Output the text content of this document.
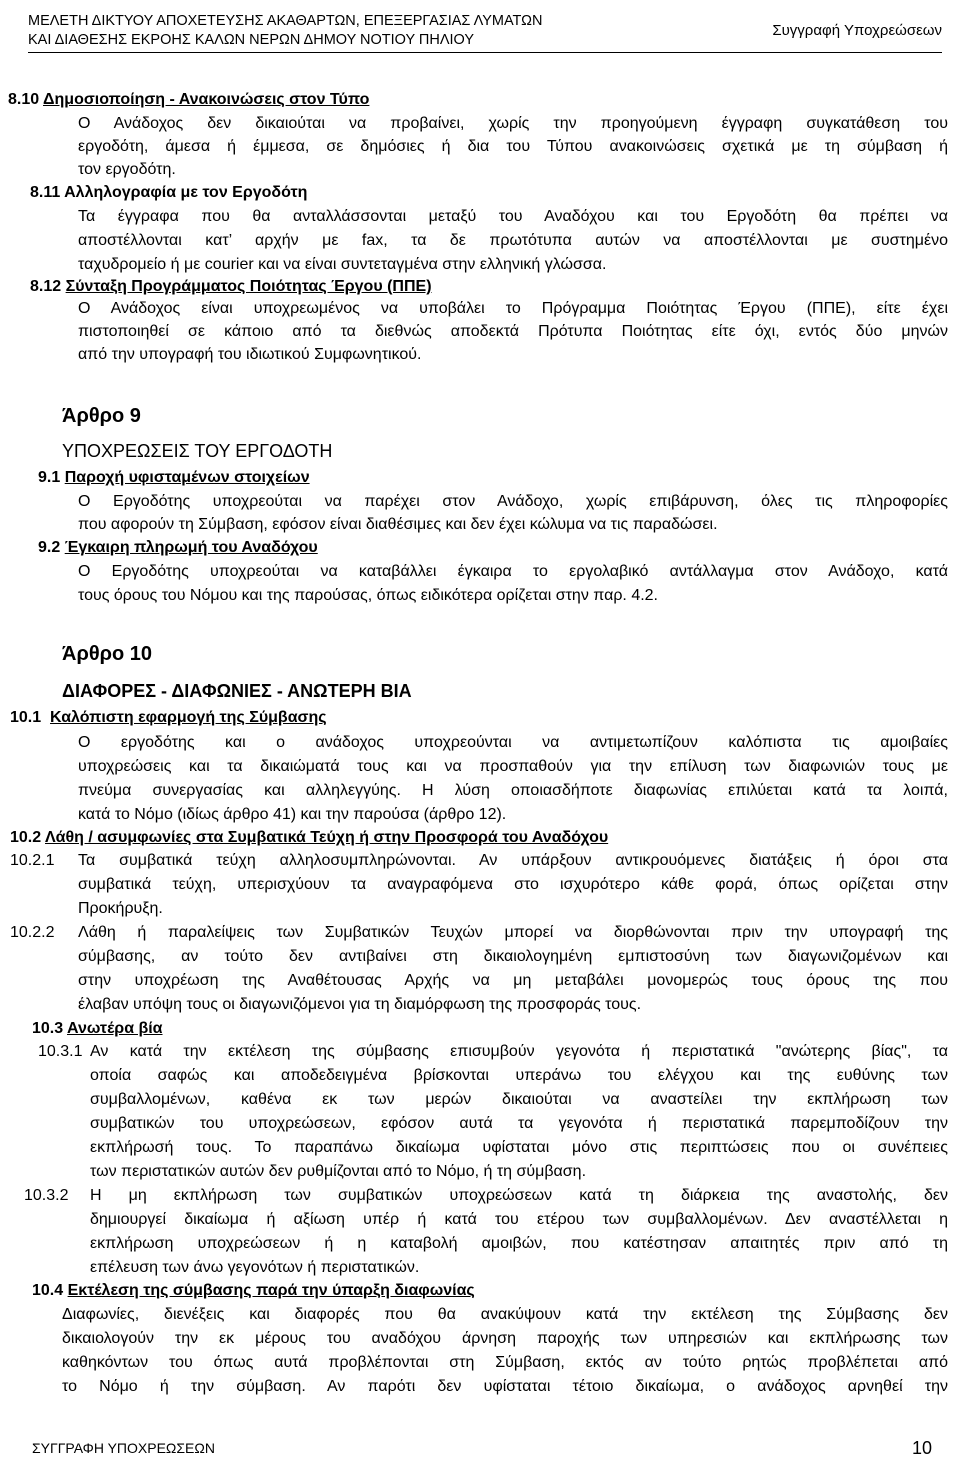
ΜΕΛΕΤΗ ΔΙΚΤΥΟΥ ΑΠΟΧΕΤΕΥΣΗΣ ΑΚΑΘΑΡΤΩΝ, ΕΠΕΞΕΡΓΑΣΙΑΣ ΛΥΜΑΤΩΝ
ΚΑΙ ΔΙΑΘΕΣΗΣ ΕΚΡΟΗΣ ΚΑΛΩΝ ΝΕΡΩΝ ΔΗΜΟΥ ΝΟΤΙΟΥ ΠΗΛΙΟΥ
Συγγραφή Υποχρεώσεων
8.10 Δημοσιοποίηση - Ανακοινώσεις στον Τύπο
Ο Ανάδοχος δεν δικαιούται να προβαίνει, χωρίς την προηγούμενη έγγραφη συγκατάθεση του
εργοδότη, άμεσα ή έμμεσα, σε δημόσιες ή δια του Τύπου ανακοινώσεις σχετικά με τη σύμβαση ή
τον εργοδότη.
8.11 Αλληλογραφία με τον Εργοδότη
Τα έγγραφα που θα ανταλλάσσονται μεταξύ του Αναδόχου και του Εργοδότη θα πρέπει να
αποστέλλονται κατ’ αρχήν με fax, τα δε πρωτότυπα αυτών να αποστέλλονται με συστημένο
ταχυδρομείο ή με courier και να είναι συντεταγμένα στην ελληνική γλώσσα.
8.12 Σύνταξη Προγράμματος Ποιότητας Έργου (ΠΠΕ)
Ο Ανάδοχος είναι υποχρεωμένος να υποβάλει το Πρόγραμμα Ποιότητας Έργου (ΠΠΕ), είτε έχει
πιστοποιηθεί σε κάποιο από τα διεθνώς αποδεκτά Πρότυπα Ποιότητας είτε όχι, εντός δύο μηνών
από την υπογραφή του ιδιωτικού Συμφωνητικού.
Άρθρο 9
ΥΠΟΧΡΕΩΣΕΙΣ ΤΟΥ ΕΡΓΟΔΟΤΗ
9.1 Παροχή υφισταμένων στοιχείων
Ο Εργοδότης υποχρεούται να παρέχει στον Ανάδοχο, χωρίς επιβάρυνση, όλες τις πληροφορίες
που αφορούν τη Σύμβαση, εφόσον είναι διαθέσιμες και δεν έχει κώλυμα να τις παραδώσει.
9.2 Έγκαιρη πληρωμή του Αναδόχου
Ο Εργοδότης υποχρεούται να καταβάλλει έγκαιρα το εργολαβικό αντάλλαγμα στον Ανάδοχο, κατά
τους όρους του Νόμου και της παρούσας, όπως ειδικότερα ορίζεται στην παρ. 4.2.
Άρθρο 10
ΔΙΑΦΟΡΕΣ - ΔΙΑΦΩΝΙΕΣ - ΑΝΩΤΕΡΗ ΒΙΑ
10.1 Καλόπιστη εφαρμογή της Σύμβασης
Ο εργοδότης και ο ανάδοχος υποχρεούνται να αντιμετωπίζουν καλόπιστα τις αμοιβαίες
υποχρεώσεις και τα δικαιώματά τους και να προσπαθούν για την επίλυση των διαφωνιών τους με
πνεύμα συνεργασίας και αλληλεγγύης. Η λύση οποιασδήποτε διαφωνίας επιλύεται κατά τα λοιπά,
κατά το Νόμο (ιδίως άρθρο 41) και την παρούσα (άρθρο 12).
10.2 Λάθη / ασυμφωνίες στα Συμβατικά Τεύχη ή στην Προσφορά του Αναδόχου
10.2.1 Τα συμβατικά τεύχη αλληλοσυμπληρώνονται. Αν υπάρξουν αντικρουόμενες διατάξεις ή όροι στα
συμβατικά τεύχη, υπερισχύουν τα αναγραφόμενα στο ισχυρότερο κάθε φορά, όπως ορίζεται στην
Προκήρυξη.
10.2.2 Λάθη ή παραλείψεις των Συμβατικών Τευχών μπορεί να διορθώνονται πριν την υπογραφή της
σύμβασης, αν τούτο δεν αντιβαίνει στη δικαιολογημένη εμπιστοσύνη των διαγωνιζομένων και
στην υποχρέωση της Αναθέτουσας Αρχής να μη μεταβάλει μονομερώς τους όρους της που
έλαβαν υπόψη τους οι διαγωνιζόμενοι για τη διαμόρφωση της προσφοράς τους.
10.3 Ανωτέρα βία
10.3.1 Αν κατά την εκτέλεση της σύμβασης επισυμβούν γεγονότα ή περιστατικά "ανώτερης βίας", τα
οποία σαφώς και αποδεδειγμένα βρίσκονται υπεράνω του ελέγχου και της ευθύνης των
συμβαλλομένων, καθένα εκ των μερών δικαιούται να αναστείλει την εκπλήρωση των
συμβατικών του υποχρεώσεων, εφόσον αυτά τα γεγονότα ή περιστατικά παρεμποδίζουν την
εκπλήρωσή τους. Το παραπάνω δικαίωμα υφίσταται μόνο στις περιπτώσεις που οι συνέπειες
των περιστατικών αυτών δεν ρυθμίζονται από το Νόμο, ή τη σύμβαση.
10.3.2 Η μη εκπλήρωση των συμβατικών υποχρεώσεων κατά τη διάρκεια της αναστολής, δεν
δημιουργεί δικαίωμα ή αξίωση υπέρ ή κατά του ετέρου των συμβαλλομένων. Δεν αναστέλλεται η
εκπλήρωση υποχρεώσεων ή η καταβολή αμοιβών, που κατέστησαν απαιτητές πριν από τη
επέλευση των άνω γεγονότων ή περιστατικών.
10.4 Εκτέλεση της σύμβασης παρά την ύπαρξη διαφωνίας
Διαφωνίες, διενέξεις και διαφορές που θα ανακύψουν κατά την εκτέλεση της Σύμβασης δεν
δικαιολογούν την εκ μέρους του αναδόχου άρνηση παροχής των υπηρεσιών και εκπλήρωσης των
καθηκόντων του όπως αυτά προβλέπονται στη Σύμβαση, εκτός αν τούτο ρητώς προβλέπεται από
το Νόμο ή την σύμβαση. Αν παρότι δεν υφίσταται τέτοιο δικαίωμα, ο ανάδοχος αρνηθεί την
ΣΥΓΓΡΑΦΗ ΥΠΟΧΡΕΩΣΕΩΝ	10
